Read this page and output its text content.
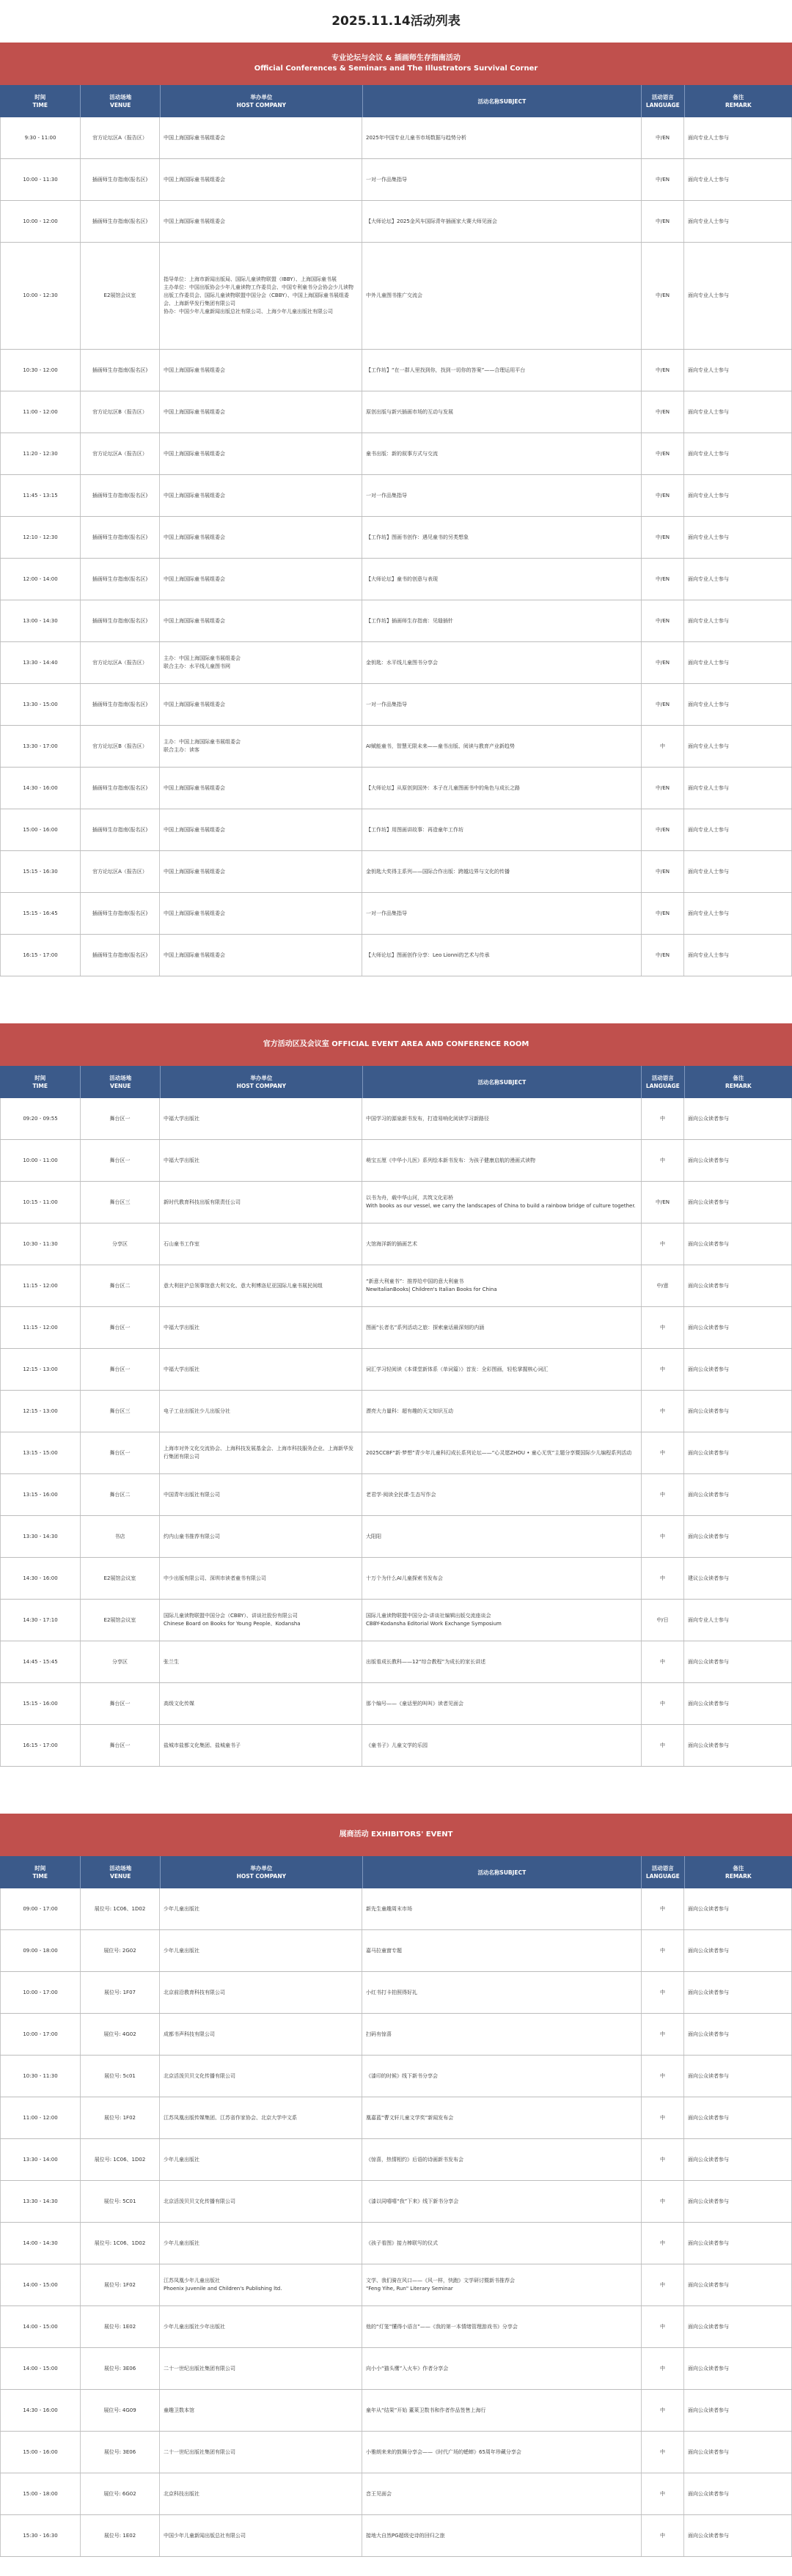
2025.11.14活动列表
专业论坛与会议 & 插画师生存指南活动
Official Conferences & Seminars and The Illustrators Survival Corner
时间
TIME
活动场地
VENUE
举办单位
HOST COMPANY
活动名称SUBJECT
活动语言
LANGUAGE
备注
REMARK
9:30 - 11:00	官方论坛区A（报告区）	中国上海国际童书展组委会	2025年中国专业儿童书市场数据与趋势分析	中/EN	面向专业人士参与
10:00 - 11:30	插画师生存指南(报名区)	中国上海国际童书展组委会	一对一作品集指导	中/EN	面向专业人士参与
10:00 - 12:00	插画师生存指南(报名区)	中国上海国际童书展组委会	【大师论坛】2025金风车国际青年插画家大赛大师见面会	中/EN	面向专业人士参与
10:00 - 12:30	E2展馆会议室
指导单位：上海市新闻出版局、国际儿童读物联盟（IBBY）、上海国际童书展
主办单位：中国出版协会少年儿童读物工作委员会、中国专利童书分会协会少儿读物出版工作委员会、国际儿童读物联盟中国分会（CBBY）、中国上海国际童书展组委会、上海新华发行集团有限公司
协办：中国少年儿童新闻出版总社有限公司、上海少年儿童出版社有限公司
中外儿童图书推广交流会	中/EN	面向专业人士参与
10:30 - 12:00	插画师生存指南(报名区)	中国上海国际童书展组委会	【工作坊】“在一群人里找到你，找到一切你的答案”——合理运用平台	中/EN	面向专业人士参与
11:00 - 12:00	官方论坛区B（报告区）	中国上海国际童书展组委会	原创出版与新兴插画市场的互动与发展	中/EN	面向专业人士参与
11:20 - 12:30	官方论坛区A（报告区）	中国上海国际童书展组委会	童书出版：新的叙事方式与交流	中/EN	面向专业人士参与
11:45 - 13:15	插画师生存指南(报名区)	中国上海国际童书展组委会	一对一作品集指导	中/EN	面向专业人士参与
12:10 - 12:30	插画师生存指南(报名区)	中国上海国际童书展组委会	【工作坊】图画书创作：遇见童书的另类想象	中/EN	面向专业人士参与
12:00 - 14:00	插画师生存指南(报名区)	中国上海国际童书展组委会	【大师论坛】童书的创意与表现	中/EN	面向专业人士参与
13:00 - 14:30	插画师生存指南(报名区)	中国上海国际童书展组委会	【工作坊】插画师生存指南：见缝插针	中/EN	面向专业人士参与
13:30 - 14:40	官方论坛区A（报告区）
主办：中国上海国际童书展组委会
联合主办：水平线儿童图书网
金钥匙：水平线儿童图书分享会	中/EN	面向专业人士参与
13:30 - 15:00	插画师生存指南(报名区)	中国上海国际童书展组委会	一对一作品集指导	中/EN	面向专业人士参与
13:30 - 17:00	官方论坛区B（报告区）
主办：中国上海国际童书展组委会
联合主办：读客
AI赋能童书，智慧无限未来——童书出版、阅读与教育产业新趋势	中	面向专业人士参与
14:30 - 16:00	插画师生存指南(报名区)	中国上海国际童书展组委会	【大师论坛】从原创到国外：本子在儿童图画书中的角色与成长之路	中/EN	面向专业人士参与
15:00 - 16:00	插画师生存指南(报名区)	中国上海国际童书展组委会	【工作坊】用图画讲故事：再造童年工作坊	中/EN	面向专业人士参与
15:15 - 16:30	官方论坛区A（报告区）	中国上海国际童书展组委会	金钥匙大奖得主系列——国际合作出版：跨越边界与文化的传播	中/EN	面向专业人士参与
15:15 - 16:45	插画师生存指南(报名区)	中国上海国际童书展组委会	一对一作品集指导	中/EN	面向专业人士参与
16:15 - 17:00	插画师生存指南(报名区)	中国上海国际童书展组委会	【大师论坛】图画创作分享：Leo Lionni的艺术与传承	中/EN	面向专业人士参与
官方活动区及会议室 OFFICIAL EVENT AREA AND CONFERENCE ROOM
时间
TIME
活动场地
VENUE
举办单位
HOST COMPANY
活动名称SUBJECT
活动语言
LANGUAGE
备注
REMARK
09:20 - 09:55	舞台区一	中福大学出版社	中国学习的源泉新书发布，打造易响化阅读学习新路径	中	面向公众读者参与
10:00 - 11:00	舞台区一	中福大学出版社	萌宝五厘《中华小儿医》系列绘本新书发布：为孩子健康启航的漫画式读物	中	面向公众读者参与
10:15 - 11:00	舞台区三	新时代教育科技出版有限责任公司
以书为舟，载中华山河，共筑文化彩桥
With books as our vessel, we carry the landscapes of China to build a rainbow bridge of culture together.
中/EN	面向公众读者参与
10:30 - 11:30	分享区	石山童书工作室	大馆海洋新的插画艺术	中	面向公众读者参与
11:15 - 12:00	舞台区二	意大利驻沪总领事馆意大利文化、意大利博洛尼亚国际儿童书展民间组
“新意大利童书”：推荐给中国的意大利童书
NewItalianBooks| Children's Italian Books for China
中/意	面向公众读者参与
11:15 - 12:00	舞台区一	中福大学出版社	图画“长者名”系列活动之旅：探索童话最深刻的内涵	中	面向公众读者参与
12:15 - 13:00	舞台区一	中福大学出版社	词汇学习轻阅读《本课堂新体系（单词篇）》首发：全彩图画，轻松掌握核心词汇	中	面向公众读者参与
12:15 - 13:00	舞台区三	电子工业出版社少儿出版分社	漂亮大力量科：超有趣的天文知识互动	中	面向公众读者参与
13:15 - 15:00	舞台区一
上海市对外文化交流协会、上海科技发展基金会、上海市科技服务企业、上海新华发行集团有限公司
2025CCBF“新·梦想”青少年儿童科幻成长系列论坛——“心灵愿ZHOU • 童心无忧”主题分享暨国际少儿编程系列活动	中	面向公众读者参与
13:15 - 16:00	舞台区二	中国青年出版社有限公司	老君学·阅读全民课·生态写作会	中	面向公众读者参与
13:30 - 14:30	书店	约内山童书推荐有限公司	大阳阳	中	面向公众读者参与
14:30 - 16:00	E2展馆会议室	中少出版有限公司、深圳市读者童书有限公司	十万个为什么AI儿童探索书发布会	中	建议公众读者参与
14:30 - 17:10	E2展馆会议室
国际儿童读物联盟中国分会（CBBY）、讲谈社股份有限公司
Chinese Board on Books for Young People、Kodansha
国际儿童读物联盟中国分会-讲谈社编辑出版交流座谈会
CBBY-Kodansha Editorial Work Exchange Symposium
中/日	面向专业人士参与
14:45 - 15:45	分享区	张兰生	出版看成长教科——12“综合教程”为成长的家长讲述	中	面向公众读者参与
15:15 - 16:00	舞台区一	高级文化传媒	那个编号——《童话里的叫叫》读者见面会	中	面向公众读者参与
16:15 - 17:00	舞台区一	盐城市盐都文化集团、盐城童书子	《童书子》儿童文学的乐园	中	面向公众读者参与
展商活动 EXHIBITORS' EVENT
时间
TIME
活动场地
VENUE
举办单位
HOST COMPANY
活动名称SUBJECT
活动语言
LANGUAGE
备注
REMARK
09:00 - 17:00	展位号: 1C06、1D02	少年儿童出版社	新先生童趣周末市场	中	面向公众读者参与
09:00 - 18:00	展位号: 2G02	少年儿童出版社	嘉马拉童窗专题	中	面向公众读者参与
10:00 - 17:00	展位号: 1F07	北京前沿教育科技有限公司	小红书打卡拍照得好礼	中	面向公众读者参与
10:00 - 17:00	展位号: 4G02	成都书声科技有限公司	扫码有惊喜	中	面向公众读者参与
10:30 - 11:30	展位号: 5c01	北京活泼贝贝文化传播有限公司	《漆印的时候》线下新书分享会	中	面向公众读者参与
11:00 - 12:00	展位号: 1F02	江苏凤凰出版传媒集团、江苏省作家协会、北京大学中文系	凰嘉蓝“曹文轩儿童文学奖”新闻发布会	中	面向公众读者参与
13:30 - 14:00	展位号: 1C06、1D02	少年儿童出版社	《惊喜，热情相约》后语的诗画新书发布会	中	面向公众读者参与
13:30 - 14:30	展位号: 5C01	北京活泼贝贝文化传播有限公司	《漆以同嘻嘻“我”下来》线下新书分享会	中	面向公众读者参与
14:00 - 14:30	展位号: 1C06、1D02	少年儿童出版社	《孩子看图》接力棒联写的仪式	中	面向公众读者参与
14:00 - 15:00	展位号: 1F02
江苏凤凰少年儿童出版社
Phoenix Juvenile and Children's Publishing ltd.
文学、我们骑在风口——《风一样，快跑》文学研讨暨新书推荐会
"Feng Yihe, Run" Literary Seminar
中	面向公众读者参与
14:00 - 15:00	展位号: 1E02	少年儿童出版社少年出版社	他的“灯笼”懂得小语言”——《我的第一本情绪管理游戏书》分享会	中	面向公众读者参与
14:00 - 15:00	展位号: 3E06	二十一世纪出版社集团有限公司	向小小“猫头鹰”入火车》作者分享会	中	面向公众读者参与
14:30 - 16:00	展位号: 4G09	童趣卫数本馆	童年从“结果”开始 董莱卫数书和作者作品签售上海行	中	面向公众读者参与
15:00 - 16:00	展位号: 3E06	二十一世纪出版社集团有限公司	小雅朗来来的鼓舞分享会——《时代广场的蟋蟀》65周年珍藏分享会	中	面向公众读者参与
15:00 - 18:00	展位号: 6G02	北京科技出版社	音王见面会	中	面向公众读者参与
15:30 - 16:30	展位号: 1E02	中国少年儿童新闻出版总社有限公司	接地大自然PG超级史诗的回归之旅	中	面向公众读者参与
